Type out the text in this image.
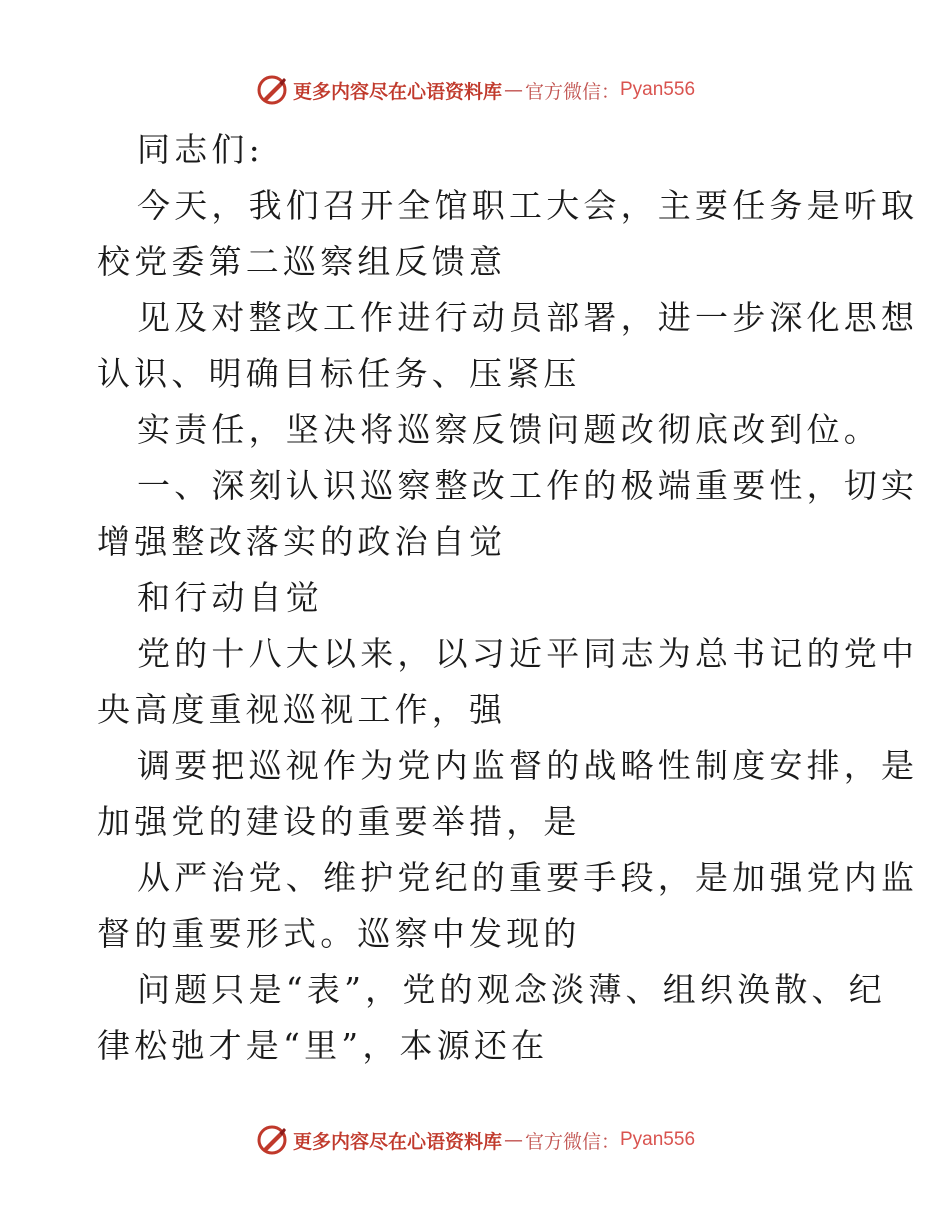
更多内容尽在心语资料库 — 官方微信： Pyan556
同志们:
今天，我们召开全馆职工大会，主要任务是听取
校党委第二巡察组反馈意
见及对整改工作进行动员部署，进一步深化思想
认识、明确目标任务、压紧压
实责任，坚决将巡察反馈问题改彻底改到位。
一、深刻认识巡察整改工作的极端重要性，切实
增强整改落实的政治自觉
和行动自觉
党的十八大以来，以习近平同志为总书记的党中
央高度重视巡视工作，强
调要把巡视作为党内监督的战略性制度安排，是
加强党的建设的重要举措，是
从严治党、维护党纪的重要手段，是加强党内监
督的重要形式。巡察中发现的
问题只是“表”，党的观念淡薄、组织涣散、纪
律松弛才是“里”，本源还在
更多内容尽在心语资料库 — 官方微信： Pyan556
